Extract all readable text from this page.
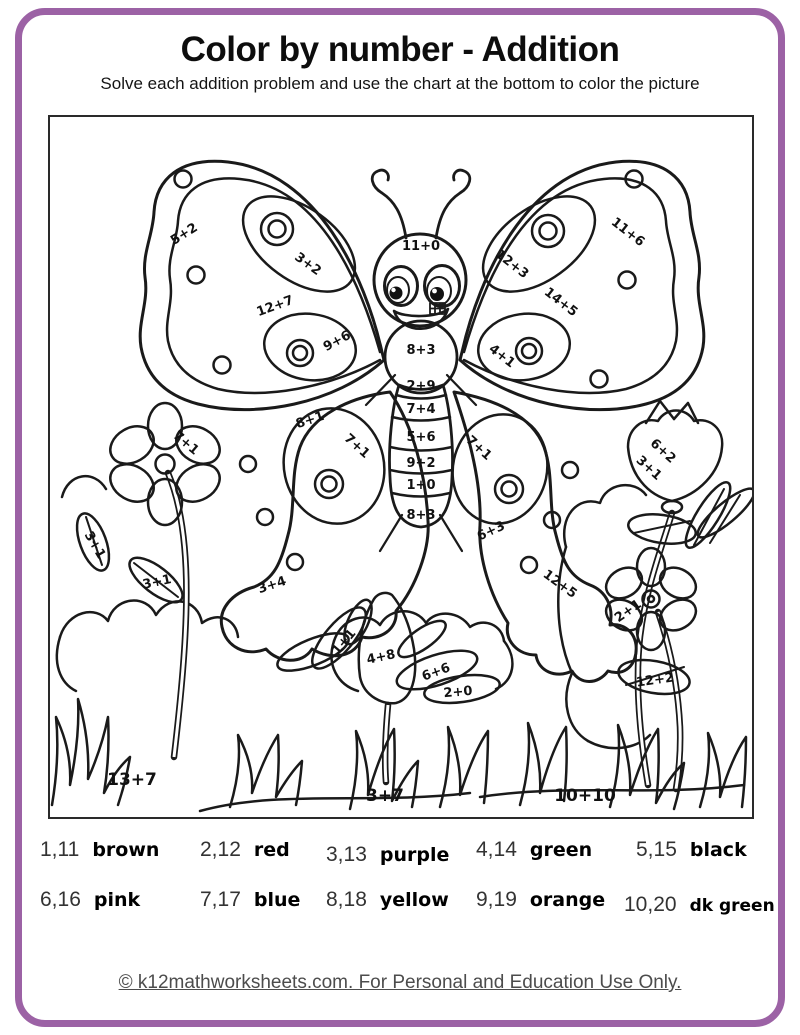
Color by number - Addition
Solve each addition problem and use the chart at the bottom to color the picture
5+2
3+2
12+7
9+6
11+0
8+3
2+9
7+4
5+6
9+2
1+0
8+3
12+3
14+5
4+1
11+6
8+1
7+1
3+4
7+1
6+3
12+5
7+1
3+1
3+1
6+2
3+1
2+1
12+2
1+1 4+8
6+6
2+0
13+7
3+7	10+10
1,11 brown 2,12 red 3,13 purple 4,14 green 5,15 black
6,16 pink	7,17 blue 8,18 yellow 9,19 orange 10,20 dk green
© k12mathworksheets.com. For Personal and Education Use Only.
